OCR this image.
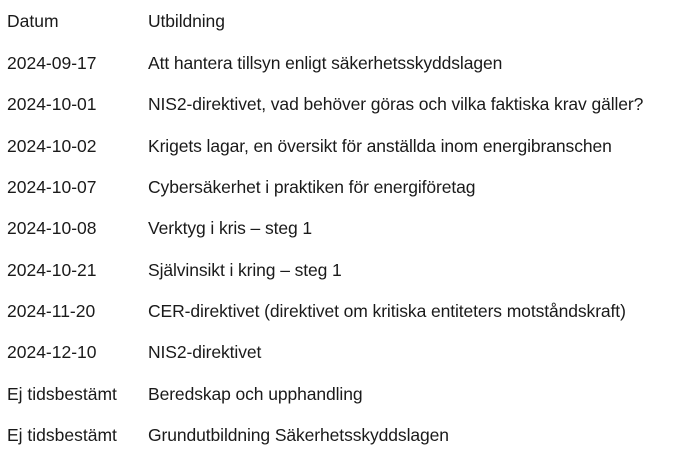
Datum	Utbildning
2024-09-17	Att hantera tillsyn enligt säkerhetsskyddslagen
2024-10-01	NIS2-direktivet, vad behöver göras och vilka faktiska krav gäller?
2024-10-02	Krigets lagar, en översikt för anställda inom energibranschen
2024-10-07	Cybersäkerhet i praktiken för energiföretag
2024-10-08	Verktyg i kris – steg 1
2024-10-21	Självinsikt i kring – steg 1
2024-11-20	CER-direktivet (direktivet om kritiska entiteters motståndskraft)
2024-12-10	NIS2-direktivet
Ej tidsbestämt	Beredskap och upphandling
Ej tidsbestämt	Grundutbildning Säkerhetsskyddslagen
